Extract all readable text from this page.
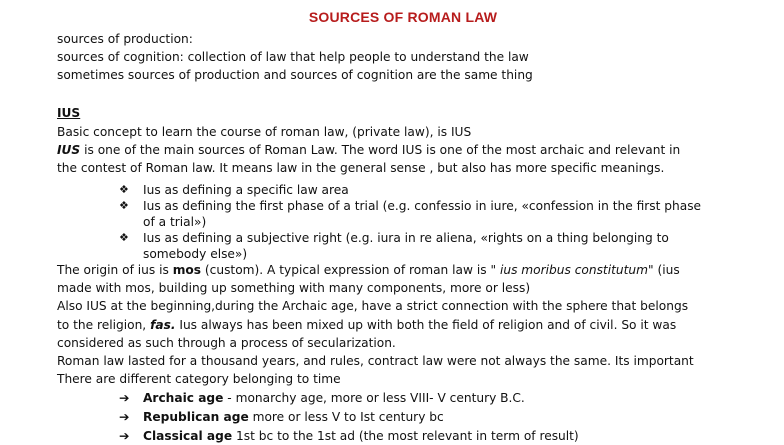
SOURCES OF ROMAN LAW
sources of production:
sources of cognition: collection of law that help people to understand the law
sometimes sources of production and sources of cognition are the same thing
IUS
Basic concept to learn the course of roman law, (private law), is IUS
IUS is one of the main sources of Roman Law. The word IUS is one of the most archaic and relevant in
the contest of Roman law. It means law in the general sense , but also has more specific meanings.
❖ Ius as defining a specific law area
❖ Ius as defining the first phase of a trial (e.g. confessio in iure, «confession in the first phase
of a trial»)
❖ Ius as defining a subjective right (e.g. iura in re aliena, «rights on a thing belonging to
somebody else»)
The origin of ius is mos (custom). A typical expression of roman law is " ius moribus constitutum" (ius
made with mos, building up something with many components, more or less)
Also IUS at the beginning,during the Archaic age, have a strict connection with the sphere that belongs
to the religion, fas. Ius always has been mixed up with both the field of religion and of civil. So it was
considered as such through a process of secularization.
Roman law lasted for a thousand years, and rules, contract law were not always the same. Its important
There are different category belonging to time
➔ Archaic age - monarchy age, more or less VIII- V century B.C.
➔ Republican age more or less V to Ist century bc
➔ Classical age 1st bc to the 1st ad (the most relevant in term of result)
